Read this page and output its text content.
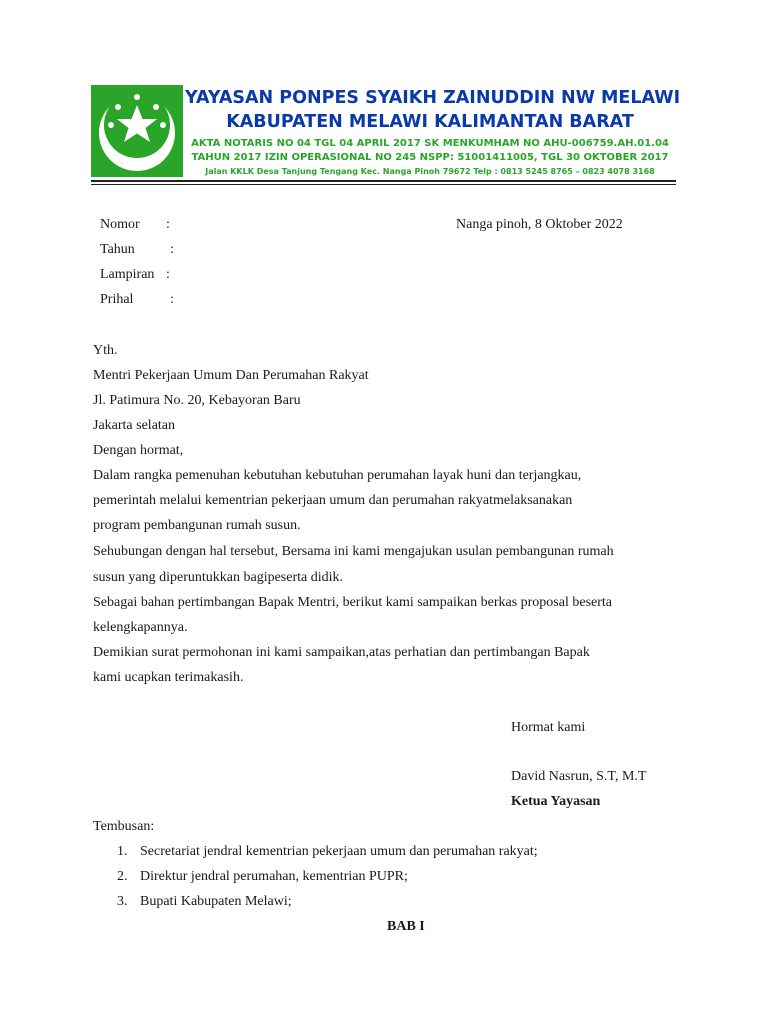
YAYASAN PONPES SYAIKH ZAINUDDIN NW MELAWI
KABUPATEN MELAWI KALIMANTAN BARAT
AKTA NOTARIS NO 04 TGL 04 APRIL 2017 SK MENKUMHAM NO AHU-006759.AH.01.04
TAHUN 2017 IZIN OPERASIONAL NO 245 NSPP: 51001411005, TGL 30 OKTOBER 2017
Jalan KKLK Desa Tanjung Tengang Kec. Nanga Pinoh 79672 Telp : 0813 5245 8765 – 0823 4078 3168
Nomor :	Nanga pinoh, 8 Oktober 2022
Tahun	:
Lampiran :
Prihal	:
Yth.
Mentri Pekerjaan Umum Dan Perumahan Rakyat
Jl. Patimura No. 20, Kebayoran Baru
Jakarta selatan
Dengan hormat,
Dalam rangka pemenuhan kebutuhan kebutuhan perumahan layak huni dan terjangkau,
pemerintah melalui kementrian pekerjaan umum dan perumahan rakyatmelaksanakan
program pembangunan rumah susun.
Sehubungan dengan hal tersebut, Bersama ini kami mengajukan usulan pembangunan rumah
susun yang diperuntukkan bagipeserta didik.
Sebagai bahan pertimbangan Bapak Mentri, berikut kami sampaikan berkas proposal beserta
kelengkapannya.
Demikian surat permohonan ini kami sampaikan,atas perhatian dan pertimbangan Bapak
kami ucapkan terimakasih.
Hormat kami
David Nasrun, S.T, M.T
Ketua Yayasan
Tembusan:
1. Secretariat jendral kementrian pekerjaan umum dan perumahan rakyat;
2. Direktur jendral perumahan, kementrian PUPR;
3. Bupati Kabupaten Melawi;
BAB I
